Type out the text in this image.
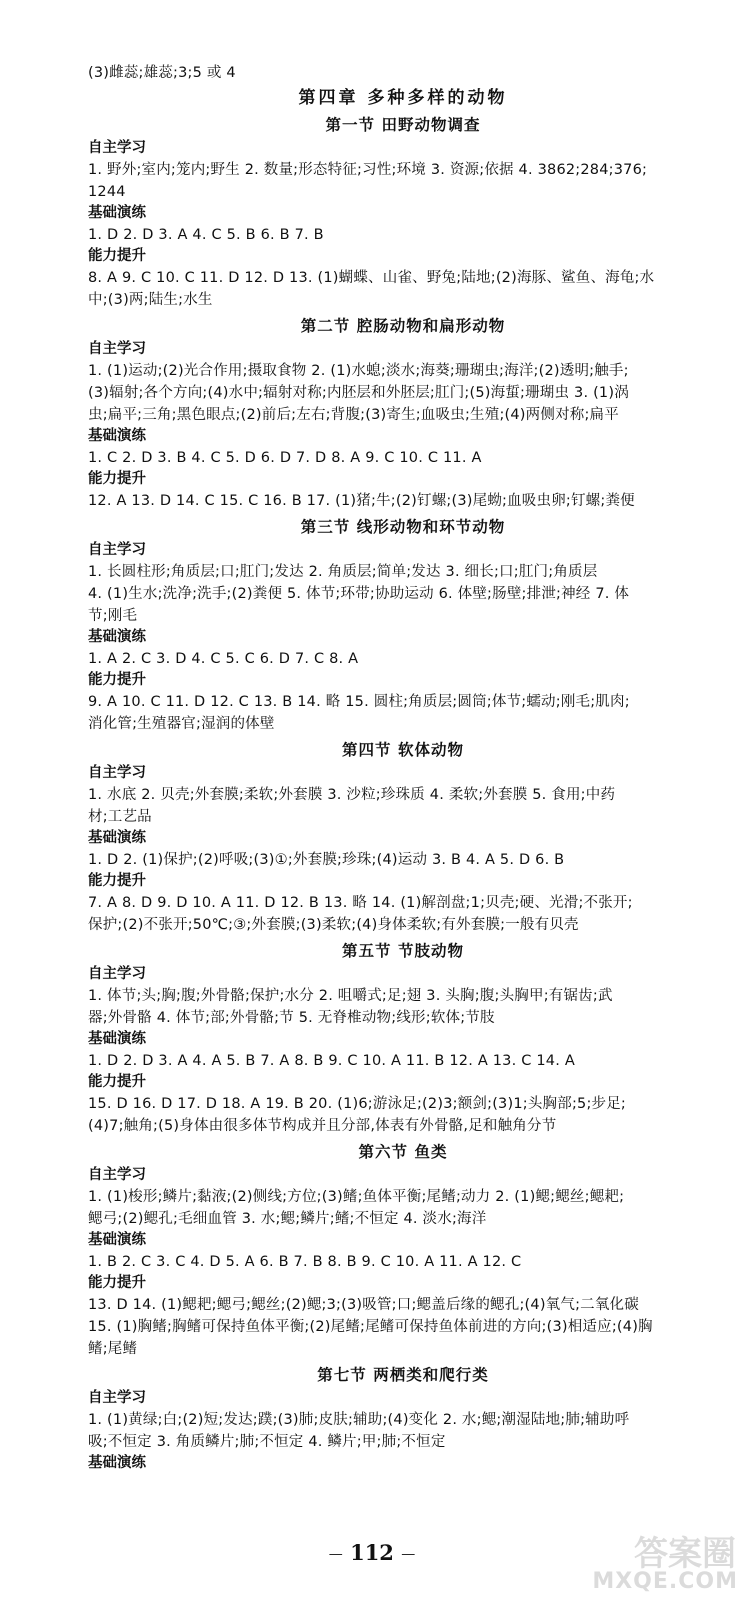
(3)雌蕊;雄蕊;3;5 或 4
第四章 多种多样的动物
第一节 田野动物调查
自主学习
1. 野外;室内;笼内;野生 2. 数量;形态特征;习性;环境 3. 资源;依据 4. 3862;284;376;
1244
基础演练
1. D 2. D 3. A 4. C 5. B 6. B 7. B
能力提升
8. A 9. C 10. C 11. D 12. D 13. (1)蝴蝶、山雀、野兔;陆地;(2)海豚、鲨鱼、海龟;水
中;(3)两;陆生;水生
第二节 腔肠动物和扁形动物
自主学习
1. (1)运动;(2)光合作用;摄取食物 2. (1)水螅;淡水;海葵;珊瑚虫;海洋;(2)透明;触手;
(3)辐射;各个方向;(4)水中;辐射对称;内胚层和外胚层;肛门;(5)海蜇;珊瑚虫 3. (1)涡
虫;扁平;三角;黑色眼点;(2)前后;左右;背腹;(3)寄生;血吸虫;生殖;(4)两侧对称;扁平
基础演练
1. C 2. D 3. B 4. C 5. D 6. D 7. D 8. A 9. C 10. C 11. A
能力提升
12. A 13. D 14. C 15. C 16. B 17. (1)猪;牛;(2)钉螺;(3)尾蚴;血吸虫卵;钉螺;粪便
第三节 线形动物和环节动物
自主学习
1. 长圆柱形;角质层;口;肛门;发达 2. 角质层;简单;发达 3. 细长;口;肛门;角质层
4. (1)生水;洗净;洗手;(2)粪便 5. 体节;环带;协助运动 6. 体壁;肠壁;排泄;神经 7. 体
节;刚毛
基础演练
1. A 2. C 3. D 4. C 5. C 6. D 7. C 8. A
能力提升
9. A 10. C 11. D 12. C 13. B 14. 略 15. 圆柱;角质层;圆筒;体节;蠕动;刚毛;肌肉;
消化管;生殖器官;湿润的体壁
第四节 软体动物
自主学习
1. 水底 2. 贝壳;外套膜;柔软;外套膜 3. 沙粒;珍珠质 4. 柔软;外套膜 5. 食用;中药
材;工艺品
基础演练
1. D 2. (1)保护;(2)呼吸;(3)①;外套膜;珍珠;(4)运动 3. B 4. A 5. D 6. B
能力提升
7. A 8. D 9. D 10. A 11. D 12. B 13. 略 14. (1)解剖盘;1;贝壳;硬、光滑;不张开;
保护;(2)不张开;50℃;③;外套膜;(3)柔软;(4)身体柔软;有外套膜;一般有贝壳
第五节 节肢动物
自主学习
1. 体节;头;胸;腹;外骨骼;保护;水分 2. 咀嚼式;足;翅 3. 头胸;腹;头胸甲;有锯齿;武
器;外骨骼 4. 体节;部;外骨骼;节 5. 无脊椎动物;线形;软体;节肢
基础演练
1. D 2. D 3. A 4. A 5. B 7. A 8. B 9. C 10. A 11. B 12. A 13. C 14. A
能力提升
15. D 16. D 17. D 18. A 19. B 20. (1)6;游泳足;(2)3;额剑;(3)1;头胸部;5;步足;
(4)7;触角;(5)身体由很多体节构成并且分部,体表有外骨骼,足和触角分节
第六节 鱼类
自主学习
1. (1)梭形;鳞片;黏液;(2)侧线;方位;(3)鳍;鱼体平衡;尾鳍;动力 2. (1)鳃;鳃丝;鳃耙;
鳃弓;(2)鳃孔;毛细血管 3. 水;鳃;鳞片;鳍;不恒定 4. 淡水;海洋
基础演练
1. B 2. C 3. C 4. D 5. A 6. B 7. B 8. B 9. C 10. A 11. A 12. C
能力提升
13. D 14. (1)鳃耙;鳃弓;鳃丝;(2)鳃;3;(3)吸管;口;鳃盖后缘的鳃孔;(4)氧气;二氧化碳
15. (1)胸鳍;胸鳍可保持鱼体平衡;(2)尾鳍;尾鳍可保持鱼体前进的方向;(3)相适应;(4)胸
鳍;尾鳍
第七节 两栖类和爬行类
自主学习
1. (1)黄绿;白;(2)短;发达;蹼;(3)肺;皮肤;辅助;(4)变化 2. 水;鳃;潮湿陆地;肺;辅助呼
吸;不恒定 3. 角质鳞片;肺;不恒定 4. 鳞片;甲;肺;不恒定
基础演练
— 112 —	答案圈
MXQE.COM
